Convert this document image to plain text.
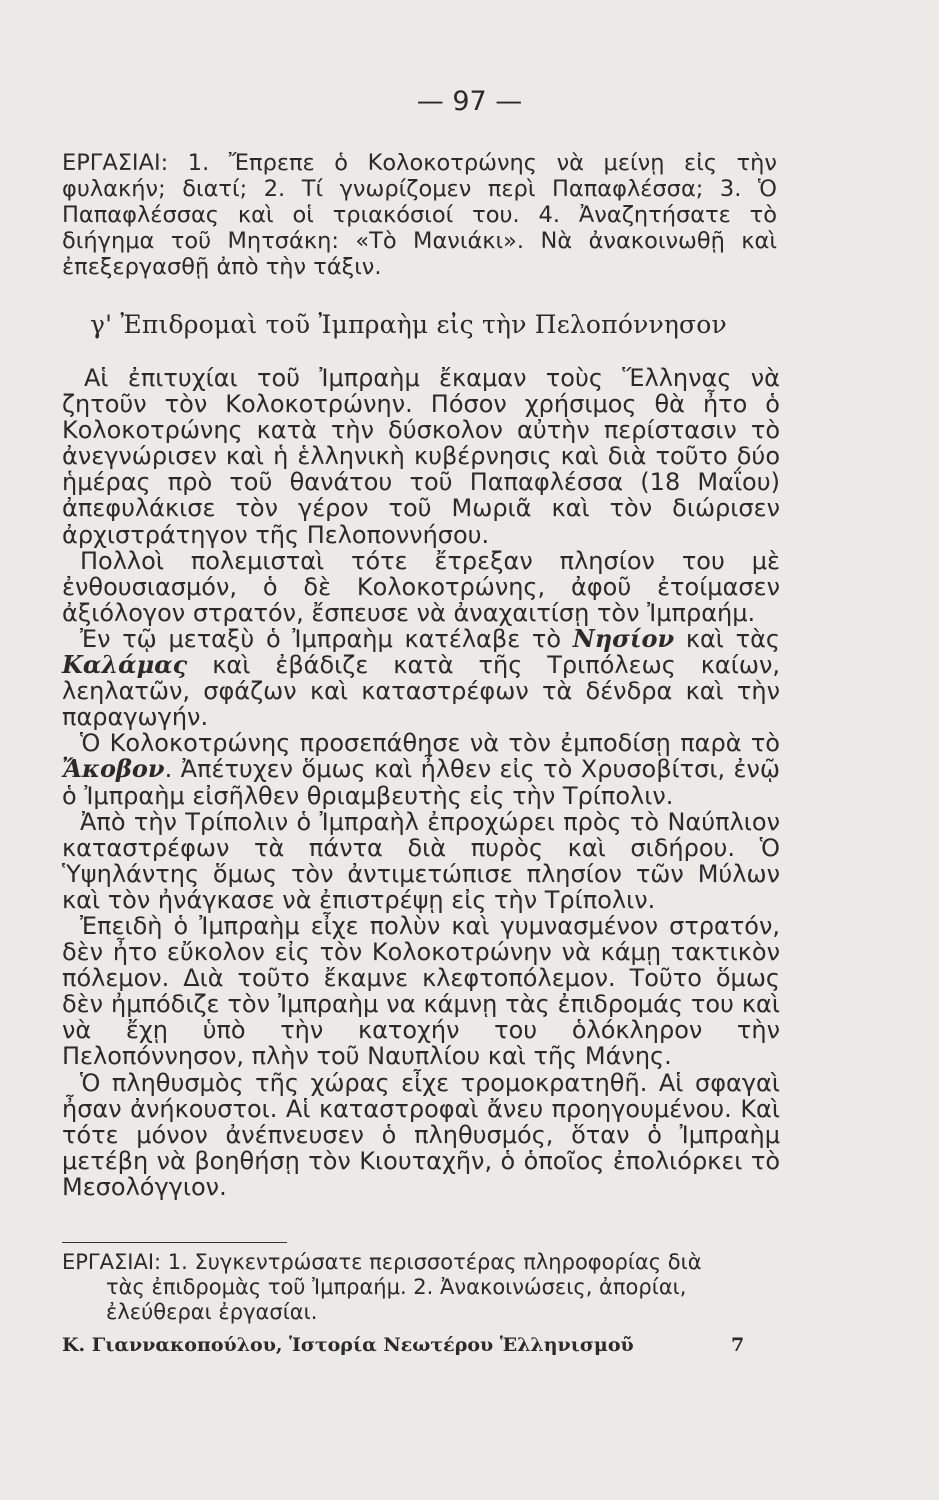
— 97 —
ΕΡΓΑΣΙΑΙ: 1. Ἔπρεπε ὁ Κολοκοτρώνης νὰ μείνῃ εἰς τὴν φυλακήν; διατί; 2. Τί γνωρίζομεν περὶ Παπαφλέσσα; 3. Ὁ Παπαφλέσσας καὶ οἱ τριακόσιοί του. 4. Ἀναζητήσατε τὸ διήγημα τοῦ Μητσάκη: «Τὸ Μανιάκι». Νὰ ἀνακοινωθῇ καὶ ἐπεξεργασθῇ ἀπὸ τὴν τάξιν.
γ' Ἐπιδρομαὶ τοῦ Ἰμπραὴμ εἰς τὴν Πελοπόννησον

Αἱ ἐπιτυχίαι τοῦ Ἰμπραὴμ ἔκαμαν τοὺς Ἕλληνας νὰ ζητοῦν τὸν Κολοκοτρώνην. Πόσον χρήσιμος θὰ ἦτο ὁ Κολοκοτρώνης κατὰ τὴν δύσκολον αὐτὴν περίστασιν τὸ ἀνεγνώρισεν καὶ ἡ ἑλληνικὴ κυβέρνησις καὶ διὰ τοῦτο δύο ἡμέρας πρὸ τοῦ θανάτου τοῦ Παπαφλέσσα (18 Μαΐου) ἀπεφυλάκισε τὸν γέρον τοῦ Μωριᾶ καὶ τὸν διώρισεν ἀρχιστράτηγον τῆς Πελοποννήσου.

Πολλοὶ πολεμισταὶ τότε ἔτρεξαν πλησίον του μὲ ἐνθουσιασμόν, ὁ δὲ Κολοκοτρώνης, ἀφοῦ ἐτοίμασεν ἀξιόλογον στρατόν, ἔσπευσε νὰ ἀναχαιτίσῃ τὸν Ἰμπραήμ.

Ἐν τῷ μεταξὺ ὁ Ἰμπραὴμ κατέλαβε τὸ Νησίον καὶ τὰς Καλάμας καὶ ἐβάδιζε κατὰ τῆς Τριπόλεως καίων, λεηλατῶν, σφάζων καὶ καταστρέφων τὰ δένδρα καὶ τὴν παραγωγήν.

Ὁ Κολοκοτρώνης προσεπάθησε νὰ τὸν ἐμποδίσῃ παρὰ τὸ Ἄκοβον. Ἀπέτυχεν ὅμως καὶ ἦλθεν εἰς τὸ Χρυσοβίτσι, ἐνῷ ὁ Ἰμπραὴμ εἰσῆλθεν θριαμβευτὴς εἰς τὴν Τρίπολιν.

Ἀπὸ τὴν Τρίπολιν ὁ Ἰμπραὴλ ἐπροχώρει πρὸς τὸ Ναύπλιον καταστρέφων τὰ πάντα διὰ πυρὸς καὶ σιδήρου. Ὁ Ὑψηλάντης ὅμως τὸν ἀντιμετώπισε πλησίον τῶν Μύλων καὶ τὸν ἠνάγκασε νὰ ἐπιστρέψῃ εἰς τὴν Τρίπολιν.

Ἐπειδὴ ὁ Ἰμπραὴμ εἶχε πολὺν καὶ γυμνασμένον στρατόν, δὲν ἦτο εὔκολον εἰς τὸν Κολοκοτρώνην νὰ κάμῃ τακτικὸν πόλεμον. Διὰ τοῦτο ἔκαμνε κλεφτοπόλεμον. Τοῦτο ὅμως δὲν ἠμπόδιζε τὸν Ἰμπραὴμ να κάμνῃ τὰς ἐπιδρομάς του καὶ νὰ ἔχῃ ὑπὸ τὴν κατοχήν του ὁλόκληρον τὴν Πελοπόννησον, πλὴν τοῦ Ναυπλίου καὶ τῆς Μάνης.

Ὁ πληθυσμὸς τῆς χώρας εἶχε τρομοκρατηθῆ. Αἱ σφαγαὶ ἦσαν ἀνήκουστοι. Αἱ καταστροφαὶ ἄνευ προηγουμένου. Καὶ τότε μόνον ἀνέπνευσεν ὁ πληθυσμός, ὅταν ὁ Ἰμπραὴμ μετέβη νὰ βοηθήσῃ τὸν Κιουταχῆν, ὁ ὁποῖος ἐπολιόρκει τὸ Μεσολόγγιον.

ΕΡΓΑΣΙΑΙ: 1. Συγκεντρώσατε περισσοτέρας πληροφορίας διὰ
τὰς ἐπιδρομὰς τοῦ Ἰμπραήμ. 2. Ἀνακοινώσεις, ἀπορίαι,
ἐλεύθεραι ἐργασίαι.
Κ. Γιαννακοπούλου, Ἱστορία Νεωτέρου Ἑλληνισμοῦ	7
